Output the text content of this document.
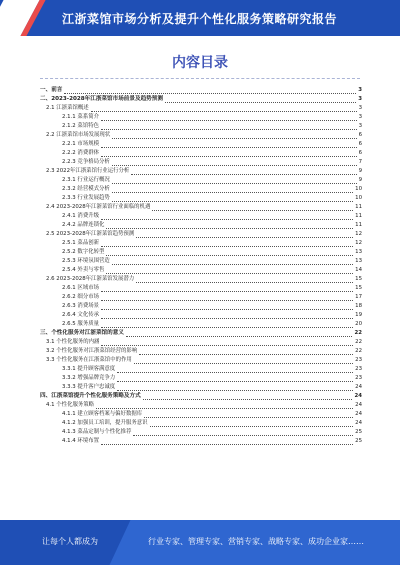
江浙菜馆市场分析及提升个性化服务策略研究报告
内容目录
一、前言	3
二、2023-2028年江浙菜馆市场前景及趋势预测	3
2.1 江浙菜馆概述	3
2.1.1 菜系简介	3
2.1.2 菜馆特色	3
2.2 江浙菜馆市场发展现状	6
2.2.1 市场规模	6
2.2.2 消费群体	6
2.2.3 竞争格局分析	7
2.3 2022年江浙菜馆行业运行分析	9
2.3.1 行业运行概况	9
2.3.2 经营模式分析	10
2.3.3 行业发展趋势	10
2.4 2023-2028年江浙菜馆行业面临的机遇	11
2.4.1 消费升级	11
2.4.2 品牌连锁化	11
2.5 2023-2028年江浙菜馆趋势预测	12
2.5.1 菜品创新	12
2.5.2 数字化转型	13
2.5.3 环境氛围营造	13
2.5.4 外卖与零售	14
2.6 2023-2028年江浙菜馆发展潜力	15
2.6.1 区域市场	15
2.6.2 细分市场	17
2.6.3 消费场景	18
2.6.4 文化传承	19
2.6.5 服务质量	20
三、个性化服务对江浙菜馆的意义	22
3.1 个性化服务的内涵	22
3.2 个性化服务对江浙菜馆经营的影响	22
3.3 个性化服务在江浙菜馆中的作用	23
3.3.1 提升顾客满意度	23
3.3.2 增强品牌竞争力	23
3.3.3 提升客户忠诚度	24
四、江浙菜馆提升个性化服务策略及方式	24
4.1 个性化服务策略	24
4.1.1 建立顾客档案与偏好数据库	24
4.1.2 加强员工培训，提升服务意识	24
4.1.3 菜品定制与个性化推荐	25
4.1.4 环境布置	25
让每个人都成为	行业专家、管理专家、营销专家、战略专家、成功企业家……
